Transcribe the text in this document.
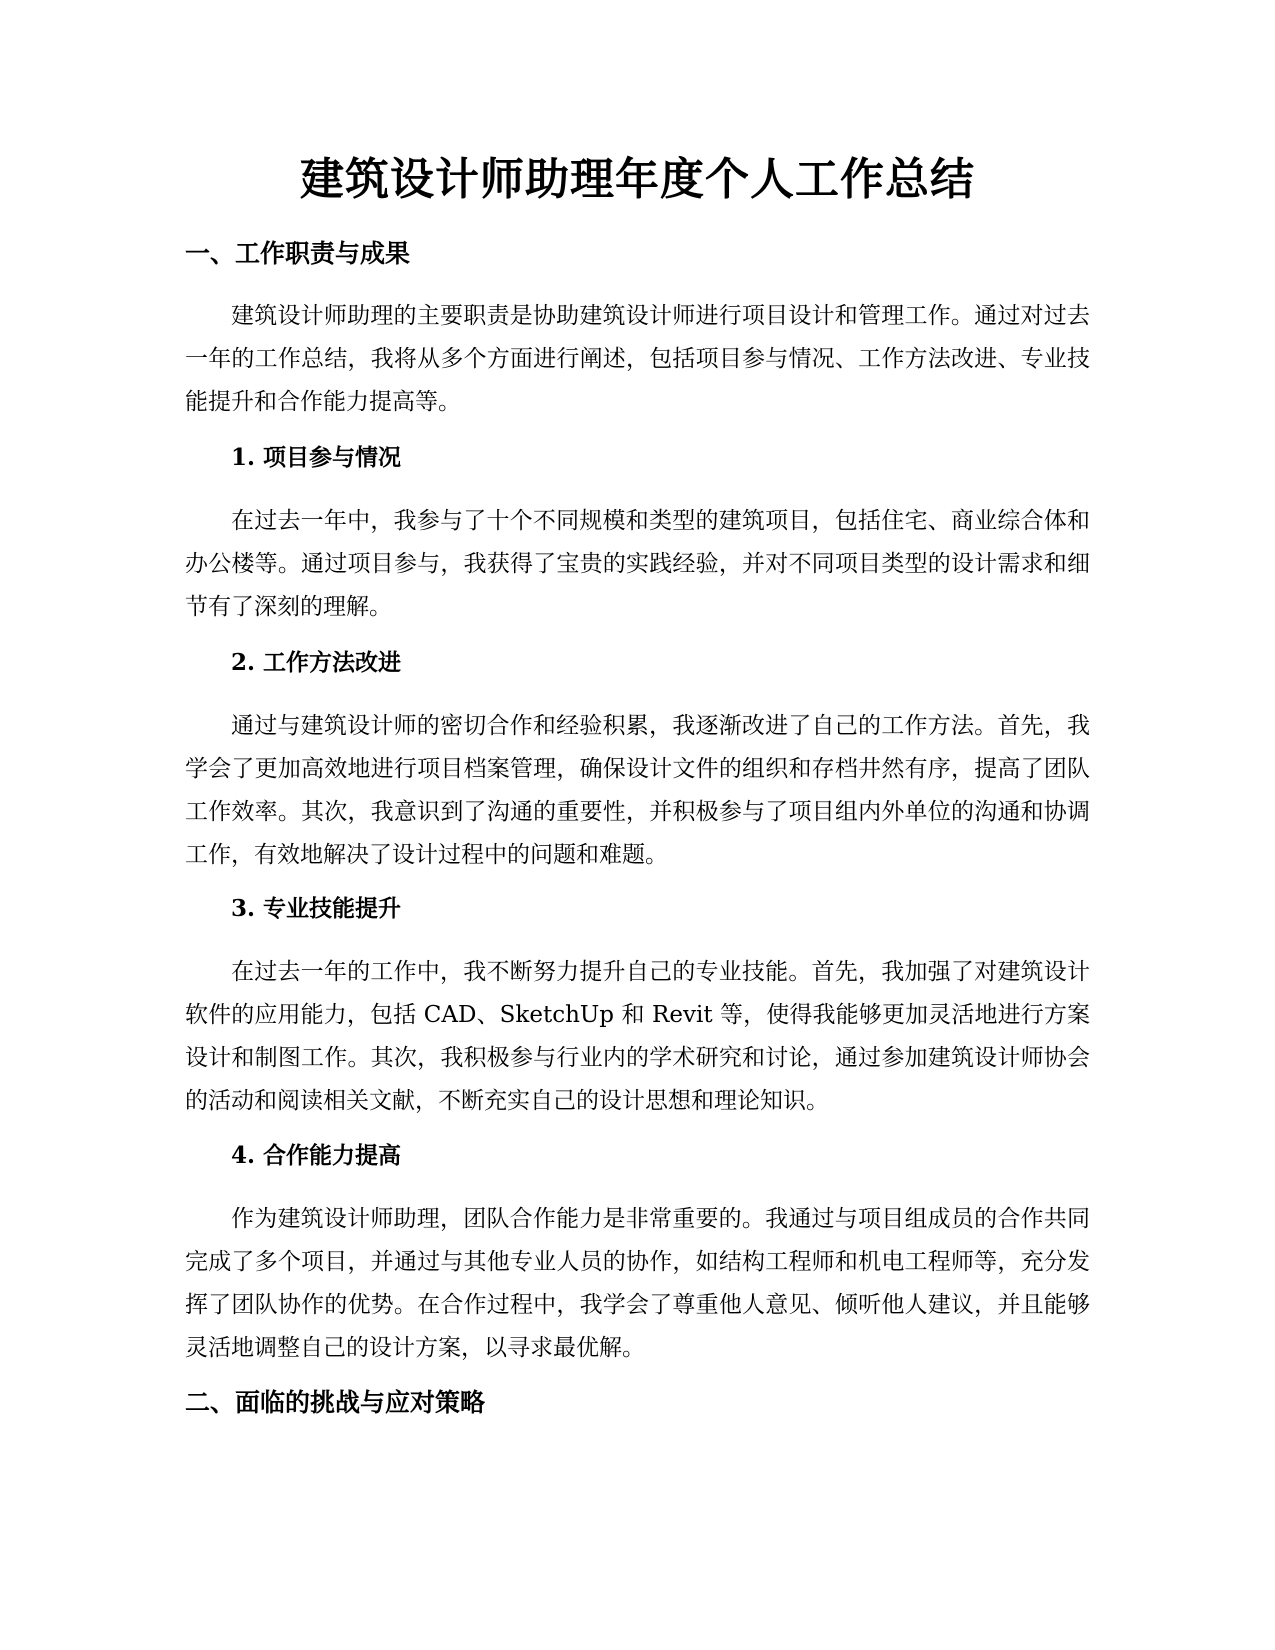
建筑设计师助理年度个人工作总结
一、工作职责与成果

建筑设计师助理的主要职责是协助建筑设计师进行项目设计和管理工作。通过对过去一年的工作总结，我将从多个方面进行阐述，包括项目参与情况、工作方法改进、专业技能提升和合作能力提高等。

1. 项目参与情况

在过去一年中，我参与了十个不同规模和类型的建筑项目，包括住宅、商业综合体和办公楼等。通过项目参与，我获得了宝贵的实践经验，并对不同项目类型的设计需求和细节有了深刻的理解。

2. 工作方法改进

通过与建筑设计师的密切合作和经验积累，我逐渐改进了自己的工作方法。首先，我学会了更加高效地进行项目档案管理，确保设计文件的组织和存档井然有序，提高了团队工作效率。其次，我意识到了沟通的重要性，并积极参与了项目组内外单位的沟通和协调工作，有效地解决了设计过程中的问题和难题。

3. 专业技能提升

在过去一年的工作中，我不断努力提升自己的专业技能。首先，我加强了对建筑设计软件的应用能力，包括 CAD、SketchUp 和 Revit 等，使得我能够更加灵活地进行方案设计和制图工作。其次，我积极参与行业内的学术研究和讨论，通过参加建筑设计师协会的活动和阅读相关文献，不断充实自己的设计思想和理论知识。

4. 合作能力提高

作为建筑设计师助理，团队合作能力是非常重要的。我通过与项目组成员的合作共同完成了多个项目，并通过与其他专业人员的协作，如结构工程师和机电工程师等，充分发挥了团队协作的优势。在合作过程中，我学会了尊重他人意见、倾听他人建议，并且能够灵活地调整自己的设计方案，以寻求最优解。

二、面临的挑战与应对策略
